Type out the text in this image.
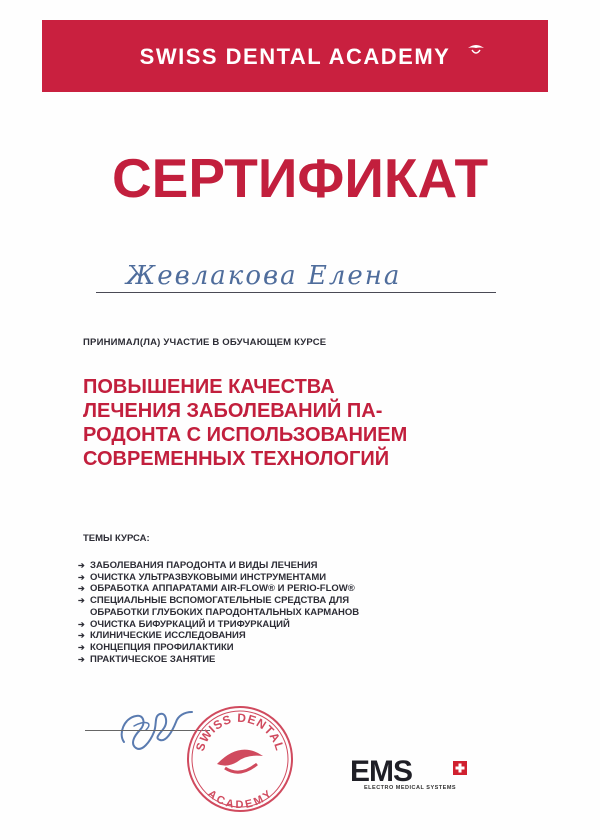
SWISS DENTAL ACADEMY
СЕРТИФИКАТ
Жевлакова Елена
ПРИНИМАЛ(ЛА) УЧАСТИЕ В ОБУЧАЮЩЕМ КУРСЕ
ПОВЫШЕНИЕ КАЧЕСТВА
ЛЕЧЕНИЯ ЗАБОЛЕВАНИЙ ПА-
РОДОНТА С ИСПОЛЬЗОВАНИЕМ
СОВРЕМЕННЫХ ТЕХНОЛОГИЙ
ТЕМЫ КУРСА:
➔ ЗАБОЛЕВАНИЯ ПАРОДОНТА И ВИДЫ ЛЕЧЕНИЯ
➔ ОЧИСТКА УЛЬТРАЗВУКОВЫМИ ИНСТРУМЕНТАМИ
➔ ОБРАБОТКА АППАРАТАМИ AIR-FLOW® И PERIO-FLOW®
➔ СПЕЦИАЛЬНЫЕ ВСПОМОГАТЕЛЬНЫЕ СРЕДСТВА ДЛЯ
ОБРАБОТКИ ГЛУБОКИХ ПАРОДОНТАЛЬНЫХ КАРМАНОВ
➔ ОЧИСТКА БИФУРКАЦИЙ И ТРИФУРКАЦИЙ
➔ КЛИНИЧЕСКИЕ ИССЛЕДОВАНИЯ
➔ КОНЦЕПЦИЯ ПРОФИЛАКТИКИ
➔ ПРАКТИЧЕСКОЕ ЗАНЯТИЕ
SWISS DENTAL
ACADEMY
EMS
ELECTRO MEDICAL SYSTEMS
